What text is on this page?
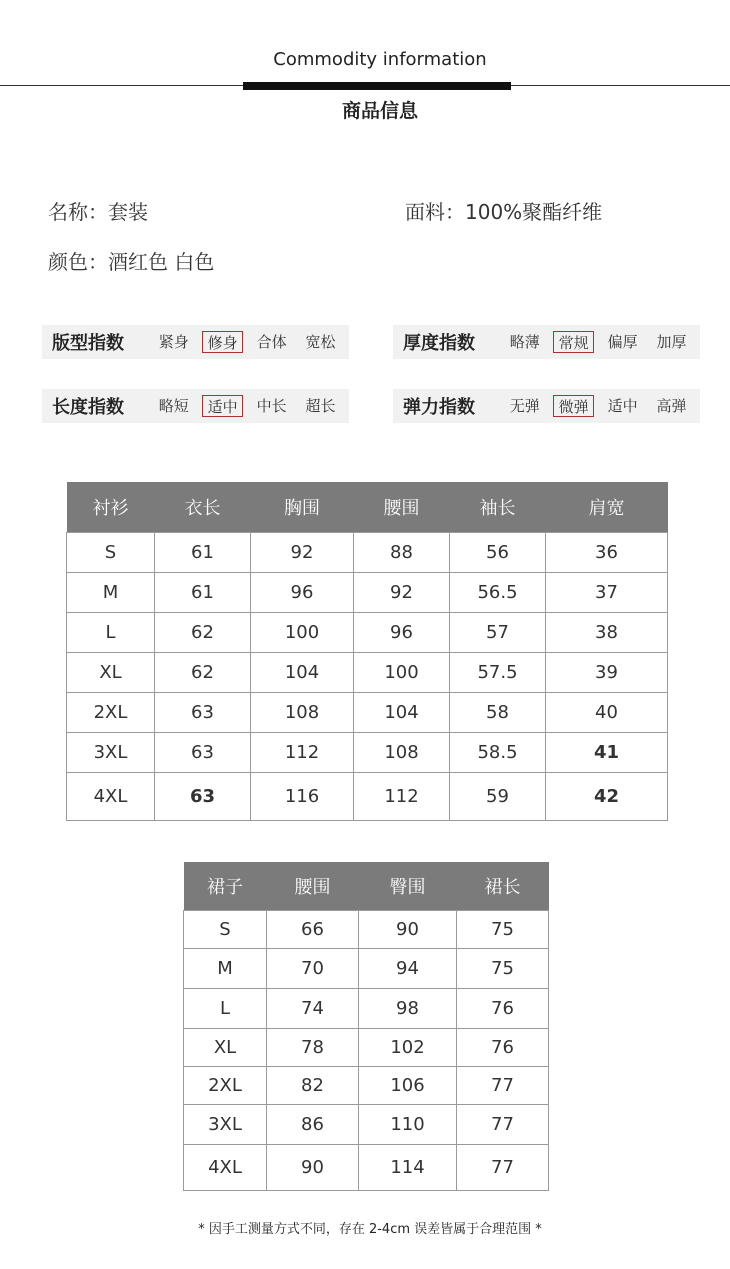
Commodity information
商品信息
名称：套装	面料：100%聚酯纤维
颜色：酒红色 白色
版型指数	紧身	修身	合体	宽松	厚度指数	略薄	常规	偏厚	加厚
长度指数	略短	适中	中长	超长	弹力指数	无弹	微弹	适中	高弹
衬衫	衣长	胸围	腰围	袖长	肩宽
S	61	92	88	56	36
M	61	96	92	56.5	37
L	62	100	96	57	38
XL	62	104	100	57.5	39
2XL	63	108	104	58	40
3XL	63	112	108	58.5	41
4XL	63	116	112	59	42
裙子	腰围	臀围	裙长
S	66	90	75
M	70	94	75
L	74	98	76
XL	78	102	76
2XL	82	106	77
3XL	86	110	77
4XL	90	114	77
* 因手工测量方式不同，存在 2-4cm 误差皆属于合理范围 *
